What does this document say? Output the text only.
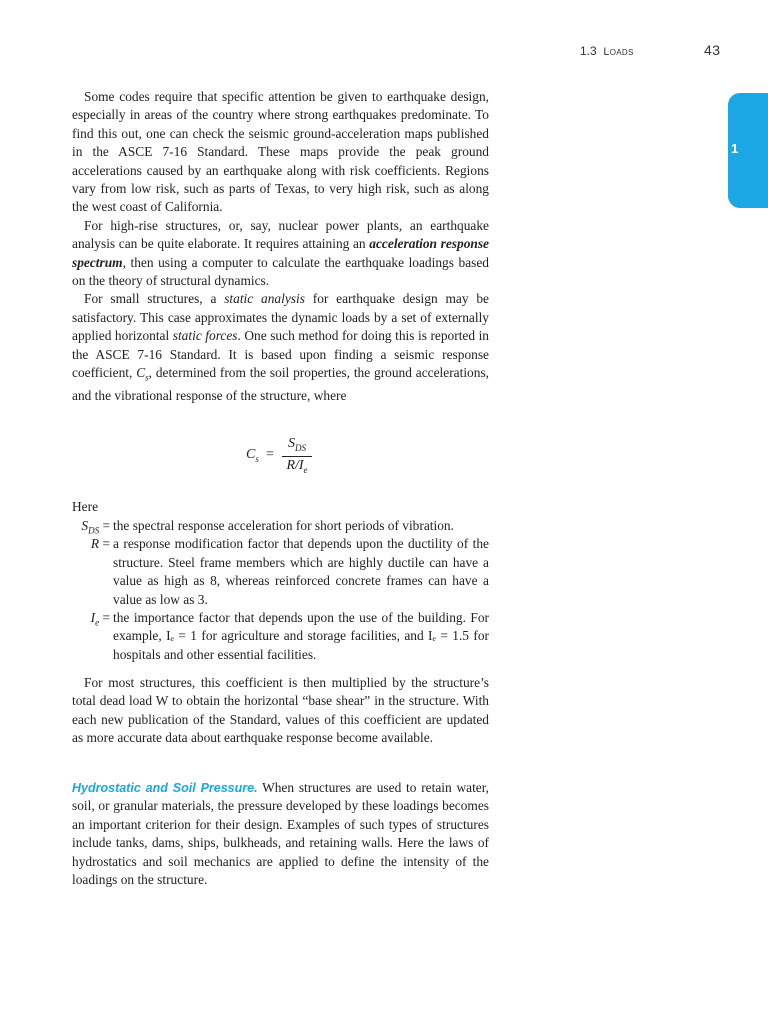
1.3 Loads	43
1

Some codes require that specific attention be given to earthquake design, especially in areas of the country where strong earthquakes predominate. To find this out, one can check the seismic ground-acceleration maps published in the ASCE 7-16 Standard. These maps provide the peak ground accelerations caused by an earthquake along with risk coefficients. Regions vary from low risk, such as parts of Texas, to very high risk, such as along the west coast of California.

For high-rise structures, or, say, nuclear power plants, an earthquake analysis can be quite elaborate. It requires attaining an acceleration response spectrum, then using a computer to calculate the earthquake loadings based on the theory of structural dynamics.

For small structures, a static analysis for earthquake design may be satisfactory. This case approximates the dynamic loads by a set of externally applied horizontal static forces. One such method for doing this is reported in the ASCE 7-16 Standard. It is based upon finding a seismic response coefficient, $C_s$, determined from the soil properties, the ground accelerations, and the vibrational response of the structure, where

$C_s$ =
$S_{DS}$
$R/I_e$
Here
$S_{DS}$ = the spectral response acceleration for short periods of vibration.
R = a response modification factor that depends upon the ductility of the structure. Steel frame members which are highly ductile can have a value as high as 8, whereas reinforced concrete frames can have a value as low as 3.
$I_e$ = the importance factor that depends upon the use of the building. For example, Iₑ = 1 for agriculture and storage facilities, and Iₑ = 1.5 for hospitals and other essential facilities.

For most structures, this coefficient is then multiplied by the structure’s total dead load W to obtain the horizontal “base shear” in the structure. With each new publication of the Standard, values of this coefficient are updated as more accurate data about earthquake response become available.

Hydrostatic and Soil Pressure. When structures are used to retain water, soil, or granular materials, the pressure developed by these loadings becomes an important criterion for their design. Examples of such types of structures include tanks, dams, ships, bulkheads, and retaining walls. Here the laws of hydrostatics and soil mechanics are applied to define the intensity of the loadings on the structure.
